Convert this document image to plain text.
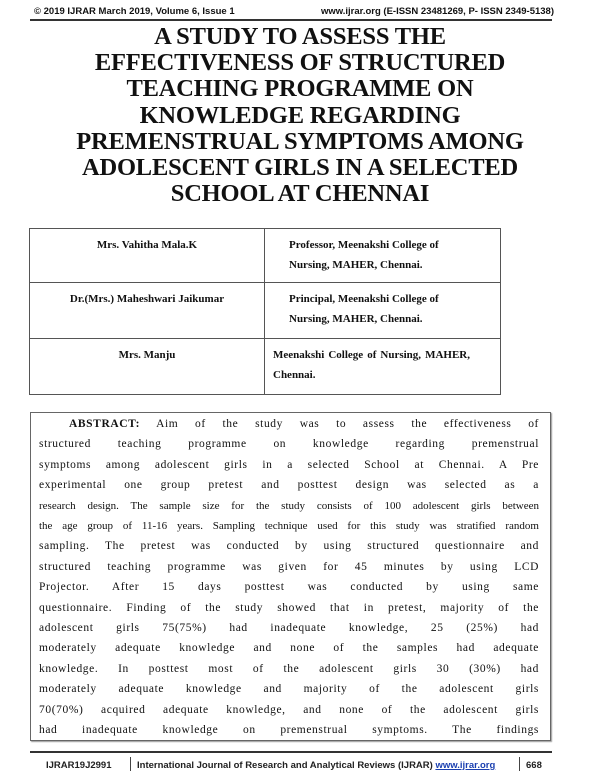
© 2019 IJRAR March 2019, Volume 6, Issue 1	www.ijrar.org (E-ISSN 23481269, P- ISSN 2349-5138)
A STUDY TO ASSESS THE
EFFECTIVENESS OF STRUCTURED
TEACHING PROGRAMME ON
KNOWLEDGE REGARDING
PREMENSTRUAL SYMPTOMS AMONG
ADOLESCENT GIRLS IN A SELECTED
SCHOOL AT CHENNAI
Mrs. Vahitha Mala.K	Professor, Meenakshi College of Nursing, MAHER, Chennai.
Dr.(Mrs.) Maheshwari Jaikumar	Principal, Meenakshi College of Nursing, MAHER, Chennai.
Mrs. Manju	Meenakshi College of Nursing, MAHER, Chennai.
ABSTRACT: Aim of the study was to assess the effectiveness of
structured teaching programme on knowledge regarding premenstrual
symptoms among adolescent girls in a selected School at Chennai. A Pre
experimental one group pretest and posttest design was selected as a
research design. The sample size for the study consists of 100 adolescent girls between
the age group of 11-16 years. Sampling technique used for this study was stratified random
sampling. The pretest was conducted by using structured questionnaire and
structured teaching programme was given for 45 minutes by using LCD
Projector. After 15 days posttest was conducted by using same
questionnaire. Finding of the study showed that in pretest, majority of the
adolescent girls 75(75%) had inadequate knowledge, 25 (25%) had
moderately adequate knowledge and none of the samples had adequate
knowledge. In posttest most of the adolescent girls 30 (30%) had
moderately adequate knowledge and majority of the adolescent girls
70(70%) acquired adequate knowledge, and none of the adolescent girls
had inadequate knowledge on premenstrual symptoms. The findings
IJRAR19J2991	International Journal of Research and Analytical Reviews (IJRAR) www.ijrar.org	668
